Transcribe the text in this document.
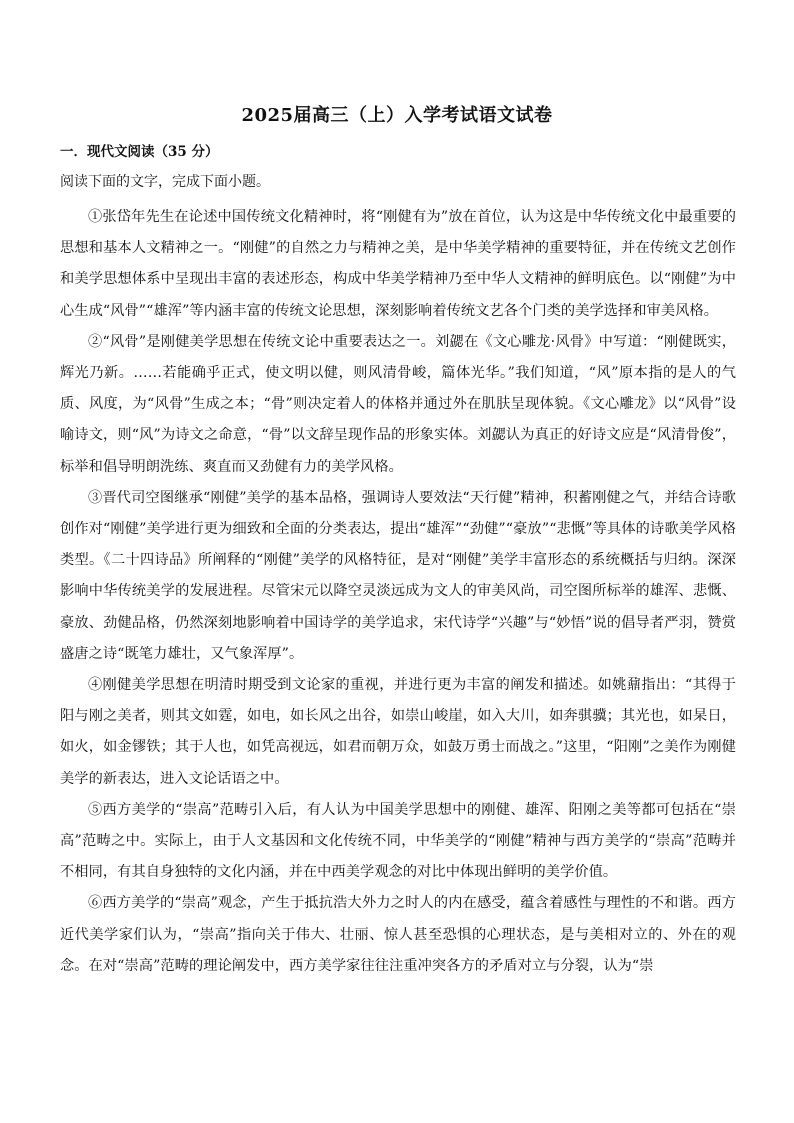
2025届高三（上）入学考试语文试卷
一．现代文阅读（35 分）
阅读下面的文字，完成下面小题。

①张岱年先生在论述中国传统文化精神时，将“刚健有为”放在首位，认为这是中华传统文化中最重要的思想和基本人文精神之一。“刚健”的自然之力与精神之美，是中华美学精神的重要特征，并在传统文艺创作和美学思想体系中呈现出丰富的表述形态，构成中华美学精神乃至中华人文精神的鲜明底色。以“刚健”为中心生成“风骨”“雄浑”等内涵丰富的传统文论思想，深刻影响着传统文艺各个门类的美学选择和审美风格。

②“风骨”是刚健美学思想在传统文论中重要表达之一。刘勰在《文心雕龙·风骨》中写道：“刚健既实，辉光乃新。……若能确乎正式，使文明以健，则风清骨峻，篇体光华。”我们知道，“风”原本指的是人的气质、风度，为“风骨”生成之本；“骨”则决定着人的体格并通过外在肌肤呈现体貌。《文心雕龙》以“风骨”设喻诗文，则“风”为诗文之命意，“骨”以文辞呈现作品的形象实体。刘勰认为真正的好诗文应是“风清骨俊”，标举和倡导明朗洗练、爽直而又劲健有力的美学风格。

③晋代司空图继承“刚健”美学的基本品格，强调诗人要效法“天行健”精神，积蓄刚健之气，并结合诗歌创作对“刚健”美学进行更为细致和全面的分类表达，提出“雄浑”“劲健”“豪放”“悲慨”等具体的诗歌美学风格类型。《二十四诗品》所阐释的“刚健”美学的风格特征，是对“刚健”美学丰富形态的系统概括与归纳。深深影响中华传统美学的发展进程。尽管宋元以降空灵淡远成为文人的审美风尚，司空图所标举的雄浑、悲慨、豪放、劲健品格，仍然深刻地影响着中国诗学的美学追求，宋代诗学“兴趣”与“妙悟”说的倡导者严羽，赞赏盛唐之诗“既笔力雄壮，又气象浑厚”。

④刚健美学思想在明清时期受到文论家的重视，并进行更为丰富的阐发和描述。如姚鼐指出：“其得于阳与刚之美者，则其文如霆，如电，如长风之出谷，如崇山峻崖，如入大川，如奔骐骥；其光也，如杲日，如火，如金镠铁；其于人也，如凭高视远，如君而朝万众，如鼓万勇士而战之。”这里，“阳刚”之美作为刚健美学的新表达，进入文论话语之中。

⑤西方美学的“崇高”范畴引入后，有人认为中国美学思想中的刚健、雄浑、阳刚之美等都可包括在“崇高”范畴之中。实际上，由于人文基因和文化传统不同，中华美学的“刚健”精神与西方美学的“崇高”范畴并不相同，有其自身独特的文化内涵，并在中西美学观念的对比中体现出鲜明的美学价值。

⑥西方美学的“崇高”观念，产生于抵抗浩大外力之时人的内在感受，蕴含着感性与理性的不和谐。西方近代美学家们认为，“崇高”指向关于伟大、壮丽、惊人甚至恐惧的心理状态，是与美相对立的、外在的观念。在对“崇高”范畴的理论阐发中，西方美学家往往注重冲突各方的矛盾对立与分裂，认为“崇
